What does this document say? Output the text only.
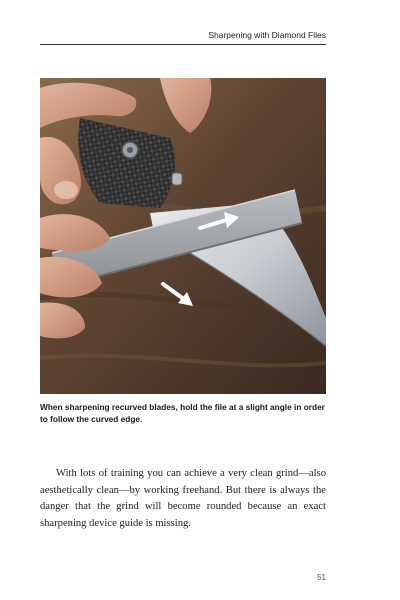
Sharpening with Diamond Files
MCR
When sharpening recurved blades, hold the file at a slight angle in order to follow the curved edge.

With lots of training you can achieve a very clean grind—also aesthetically clean—by working freehand. But there is always the danger that the grind will become rounded because an exact sharpening device guide is missing.

51
